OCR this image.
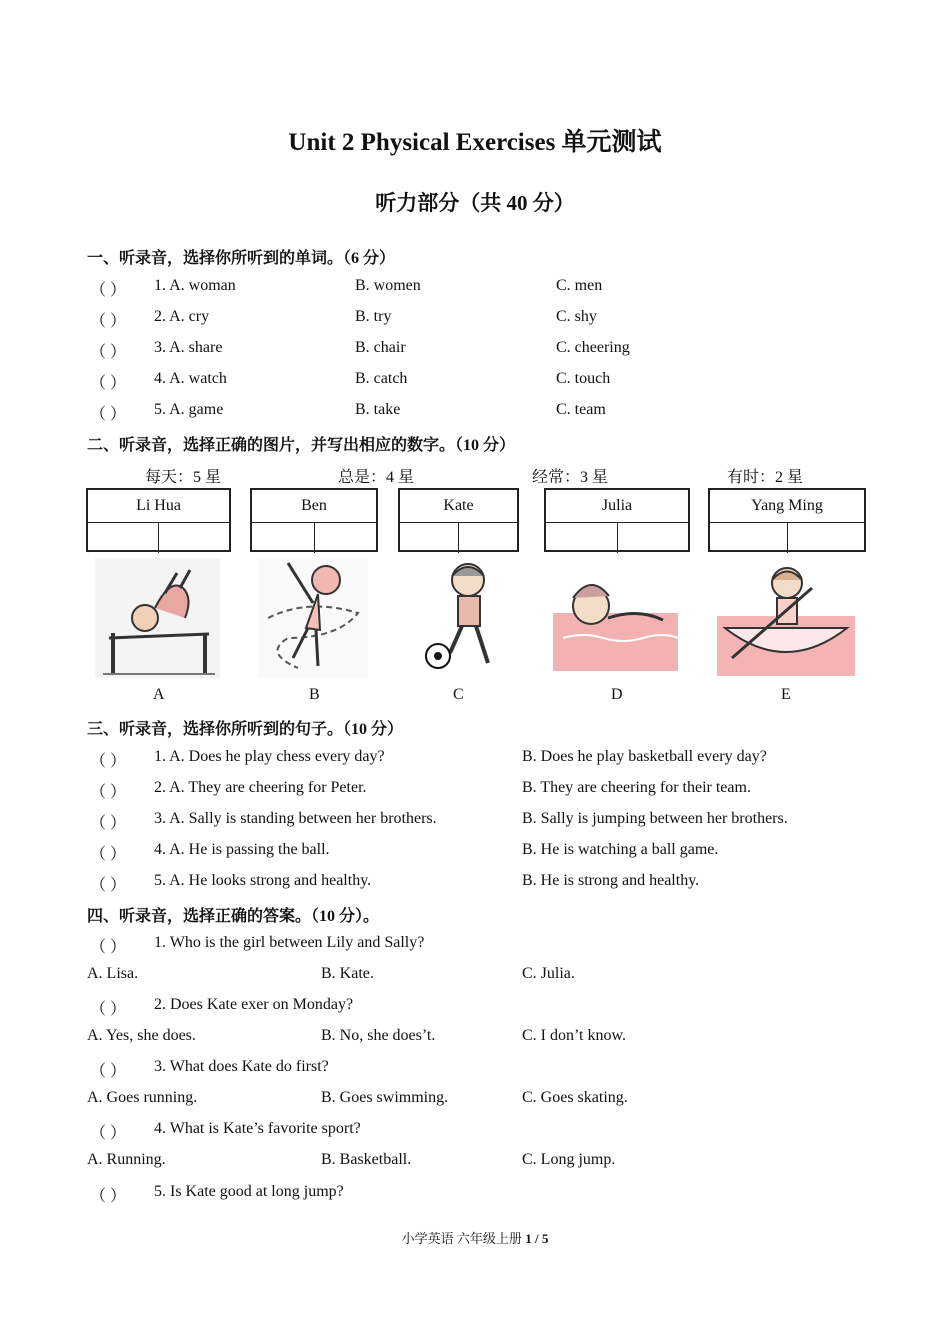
Unit 2 Physical Exercises 单元测试
听力部分（共 40 分）
一、听录音，选择你所听到的单词。（6 分）
（ ） 1. A. woman	B. women	C. men
（ ） 2. A. cry	B. try	C. shy
（ ） 3. A. share	B. chair	C. cheering
（ ） 4. A. watch	B. catch	C. touch
（ ） 5. A. game	B. take	C. team
二、听录音，选择正确的图片，并写出相应的数字。（10 分）
每天：5 星	总是：4 星	经常：3 星	有时：2 星
Li Hua	Ben	Kate	Julia	Yang Ming
A	B	C	D	E
三、听录音，选择你所听到的句子。（10 分）
（ ） 1. A. Does he play chess every day?	B. Does he play basketball every day?
（ ） 2. A. They are cheering for Peter.	B. They are cheering for their team.
（ ） 3. A. Sally is standing between her brothers.	B. Sally is jumping between her brothers.
（ ） 4. A. He is passing the ball.	B. He is watching a ball game.
（ ） 5. A. He looks strong and healthy.	B. He is strong and healthy.
四、听录音，选择正确的答案。（10 分）。
（ ） 1. Who is the girl between Lily and Sally?
A. Lisa.	B. Kate.	C. Julia.
（ ） 2. Does Kate exer on Monday?
A. Yes, she does.	B. No, she does’t.	C. I don’t know.
（ ） 3. What does Kate do first?
A. Goes running.	B. Goes swimming.	C. Goes skating.
（ ） 4. What is Kate’s favorite sport?
A. Running.	B. Basketball.	C. Long jump.
（ ） 5. Is Kate good at long jump?
小学英语 六年级上册 1 / 5
